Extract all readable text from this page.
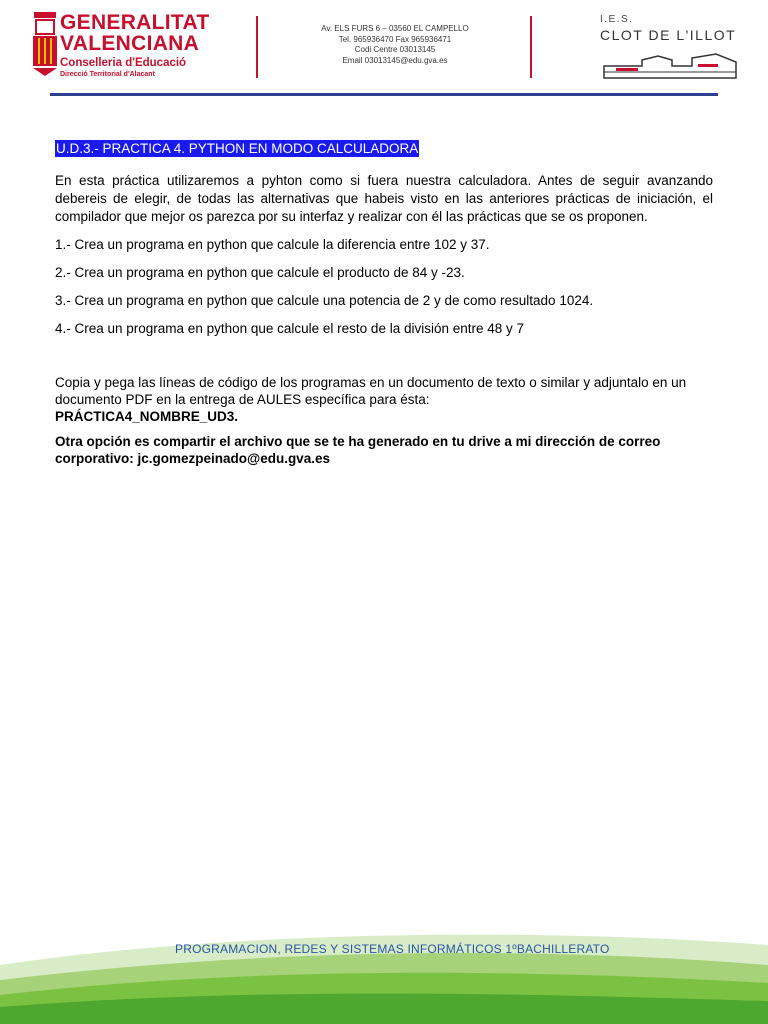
GENERALITAT
VALENCIANA
Conselleria d'Educació
Direcció Territorial d'Alacant
Av. ELS FURS 6 – 03560 EL CAMPELLO
Tel. 965936470 Fax 965936471
Codi Centre 03013145
Email 03013145@edu.gva.es
I.E.S.
CLOT DE L'ILLOT
U.D.3.- PRACTICA 4. PYTHON EN MODO CALCULADORA

En esta práctica utilizaremos a pyhton como si fuera nuestra calculadora. Antes de seguir avanzando debereis de elegir, de todas las alternativas que habeis visto en las anteriores prácticas de iniciación, el compilador que mejor os parezca por su interfaz y realizar con él las prácticas que se os proponen.

1.- Crea un programa en python que calcule la diferencia entre 102 y 37.
2.- Crea un programa en python que calcule el producto de 84 y -23.
3.- Crea un programa en python que calcule una potencia de 2 y de como resultado 1024.
4.- Crea un programa en python que calcule el resto de la división entre 48 y 7

Copia y pega las líneas de código de los programas en un documento de texto o similar y adjuntalo en un documento PDF en la entrega de AULES específica para ésta:

PRÁCTICA4_NOMBRE_UD3.
Otra opción es compartir el archivo que se te ha generado en tu drive a mi dirección de correo corporativo: jc.gomezpeinado@edu.gva.es
PROGRAMACION, REDES Y SISTEMAS INFORMÁTICOS 1ºBACHILLERATO
